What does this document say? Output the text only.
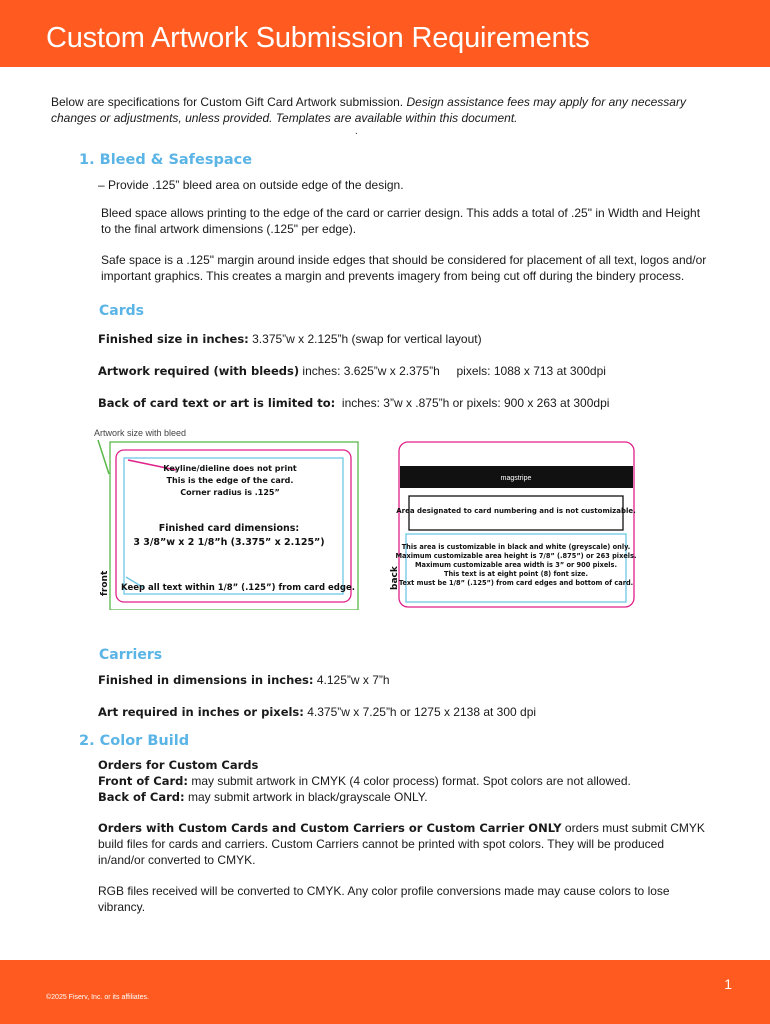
Custom Artwork Submission Requirements
Below are specifications for Custom Gift Card Artwork submission. Design assistance fees may apply for any necessary changes or adjustments, unless provided. Templates are available within this document.
.
1. Bleed & Safespace
– Provide .125” bleed area on outside edge of the design.
Bleed space allows printing to the edge of the card or carrier design. This adds a total of .25" in Width and Height to the final artwork dimensions (.125" per edge).
Safe space is a .125" margin around inside edges that should be considered for placement of all text, logos and/or important graphics. This creates a margin and prevents imagery from being cut off during the bindery process.
Cards
Finished size in inches: 3.375”w x 2.125”h (swap for vertical layout)
Artwork required (with bleeds) inches: 3.625”w x 2.375”h     pixels: 1088 x 713 at 300dpi
Back of card text or art is limited to:  inches: 3”w x .875”h or pixels: 900 x 263 at 300dpi
Artwork size with bleed
Keyline/dieline does not print
This is the edge of the card.
Corner radius is .125”
Finished card dimensions:
3 3/8”w x 2 1/8”h (3.375” x 2.125”)
Keep all text within 1/8” (.125”) from card edge.
front
magstripe
Area designated to card numbering and is not customizable.
This area is customizable in black and white (greyscale) only.
Maximum customizable area height is 7/8” (.875”) or 263 pixels.
Maximum customizable area width is 3” or 900 pixels.
This text is at eight point (8) font size.
Text must be 1/8” (.125”) from card edges and bottom of card.
back
Carriers
Finished in dimensions in inches: 4.125”w x 7”h
Art required in inches or pixels: 4.375”w x 7.25”h or 1275 x 2138 at 300 dpi
2. Color Build
Orders for Custom Cards
Front of Card: may submit artwork in CMYK (4 color process) format. Spot colors are not allowed.
Back of Card: may submit artwork in black/grayscale ONLY.
Orders with Custom Cards and Custom Carriers or Custom Carrier ONLY orders must submit CMYK build files for cards and carriers. Custom Carriers cannot be printed with spot colors. They will be produced in/and/or converted to CMYK.
RGB files received will be converted to CMYK. Any color profile conversions made may cause colors to lose vibrancy.
1
©2025 Fiserv, Inc. or its affiliates.
